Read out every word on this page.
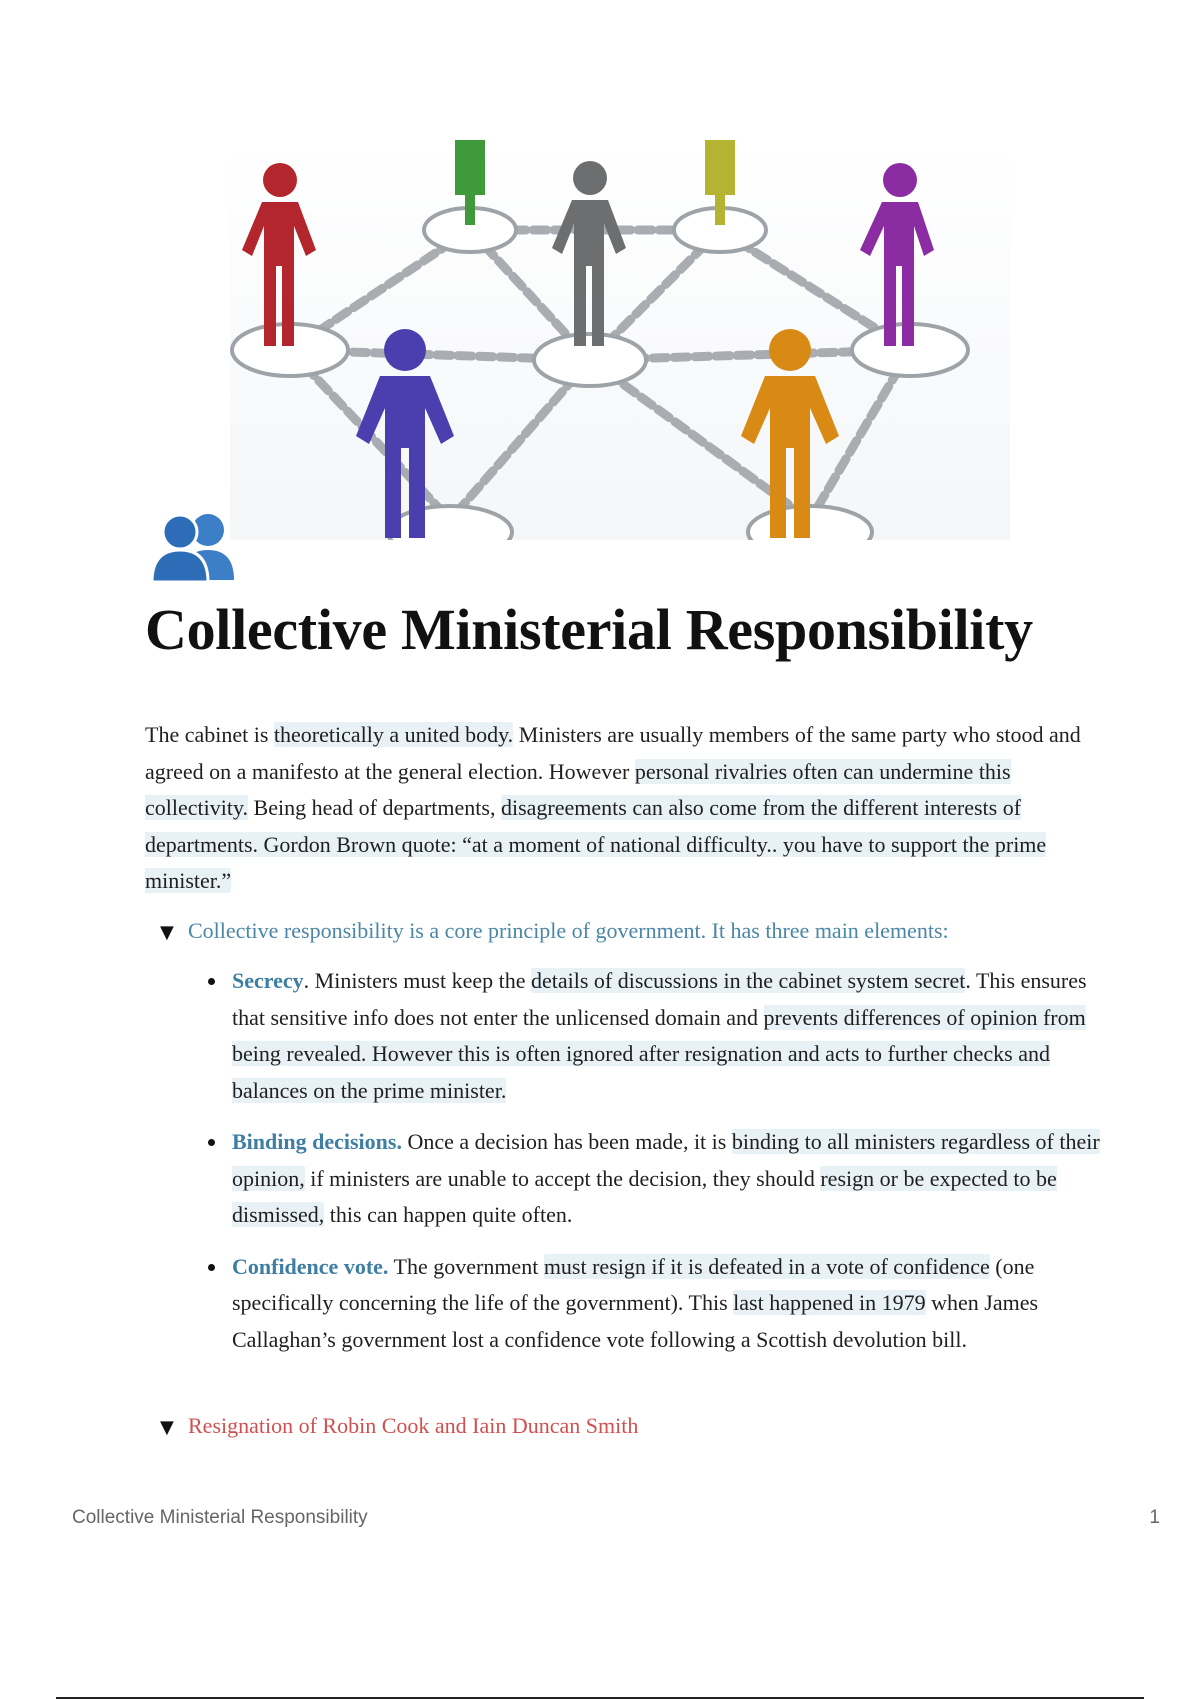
Collective Ministerial Responsibility

The cabinet is theoretically a united body. Ministers are usually members of the same party who stood and agreed on a manifesto at the general election. However personal rivalries often can undermine this collectivity. Being head of departments, disagreements can also come from the different interests of departments. Gordon Brown quote: “at a moment of national difficulty.. you have to support the prime minister.”

▼ Collective responsibility is a core principle of government. It has three main elements:
Secrecy. Ministers must keep the details of discussions in the cabinet system secret. This ensures that sensitive info does not enter the unlicensed domain and prevents differences of opinion from being revealed. However this is often ignored after resignation and acts to further checks and balances on the prime minister.
Binding decisions. Once a decision has been made, it is binding to all ministers regardless of their opinion, if ministers are unable to accept the decision, they should resign or be expected to be dismissed, this can happen quite often.
Confidence vote. The government must resign if it is defeated in a vote of confidence (one specifically concerning the life of the government). This last happened in 1979 when James Callaghan’s government lost a confidence vote following a Scottish devolution bill.
▼ Resignation of Robin Cook and Iain Duncan Smith
Collective Ministerial Responsibility	1
